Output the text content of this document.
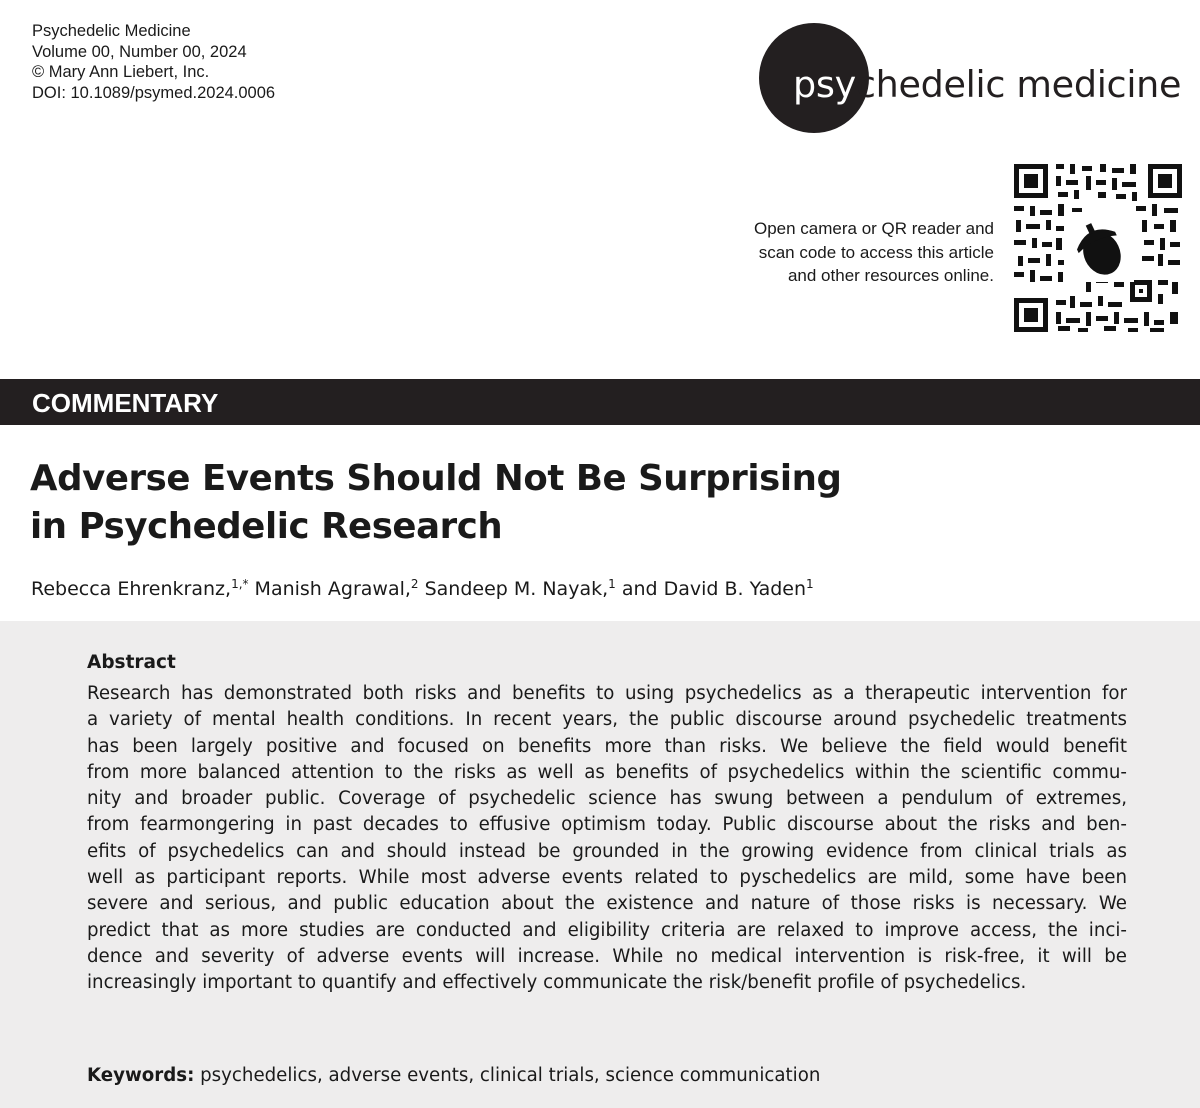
Psychedelic Medicine
Volume 00, Number 00, 2024
© Mary Ann Liebert, Inc.
DOI: 10.1089/psymed.2024.0006	psychedelic medicine
Open camera or QR reader and
scan code to access this article
and other resources online.
COMMENTARY
Adverse Events Should Not Be Surprising
in Psychedelic Research
Rebecca Ehrenkranz,$^{1,*}$ Manish Agrawal,$^2$ Sandeep M. Nayak,$^1$ and David B. Yaden$^1$
Abstract
Research has demonstrated both risks and benefits to using psychedelics as a therapeutic intervention for
a variety of mental health conditions. In recent years, the public discourse around psychedelic treatments
has been largely positive and focused on benefits more than risks. We believe the field would benefit
from more balanced attention to the risks as well as benefits of psychedelics within the scientific commu-
nity and broader public. Coverage of psychedelic science has swung between a pendulum of extremes,
from fearmongering in past decades to effusive optimism today. Public discourse about the risks and ben-
efits of psychedelics can and should instead be grounded in the growing evidence from clinical trials as
well as participant reports. While most adverse events related to pyschedelics are mild, some have been
severe and serious, and public education about the existence and nature of those risks is necessary. We
predict that as more studies are conducted and eligibility criteria are relaxed to improve access, the inci-
dence and severity of adverse events will increase. While no medical intervention is risk-free, it will be
increasingly important to quantify and effectively communicate the risk/benefit profile of psychedelics.
Keywords: psychedelics, adverse events, clinical trials, science communication
